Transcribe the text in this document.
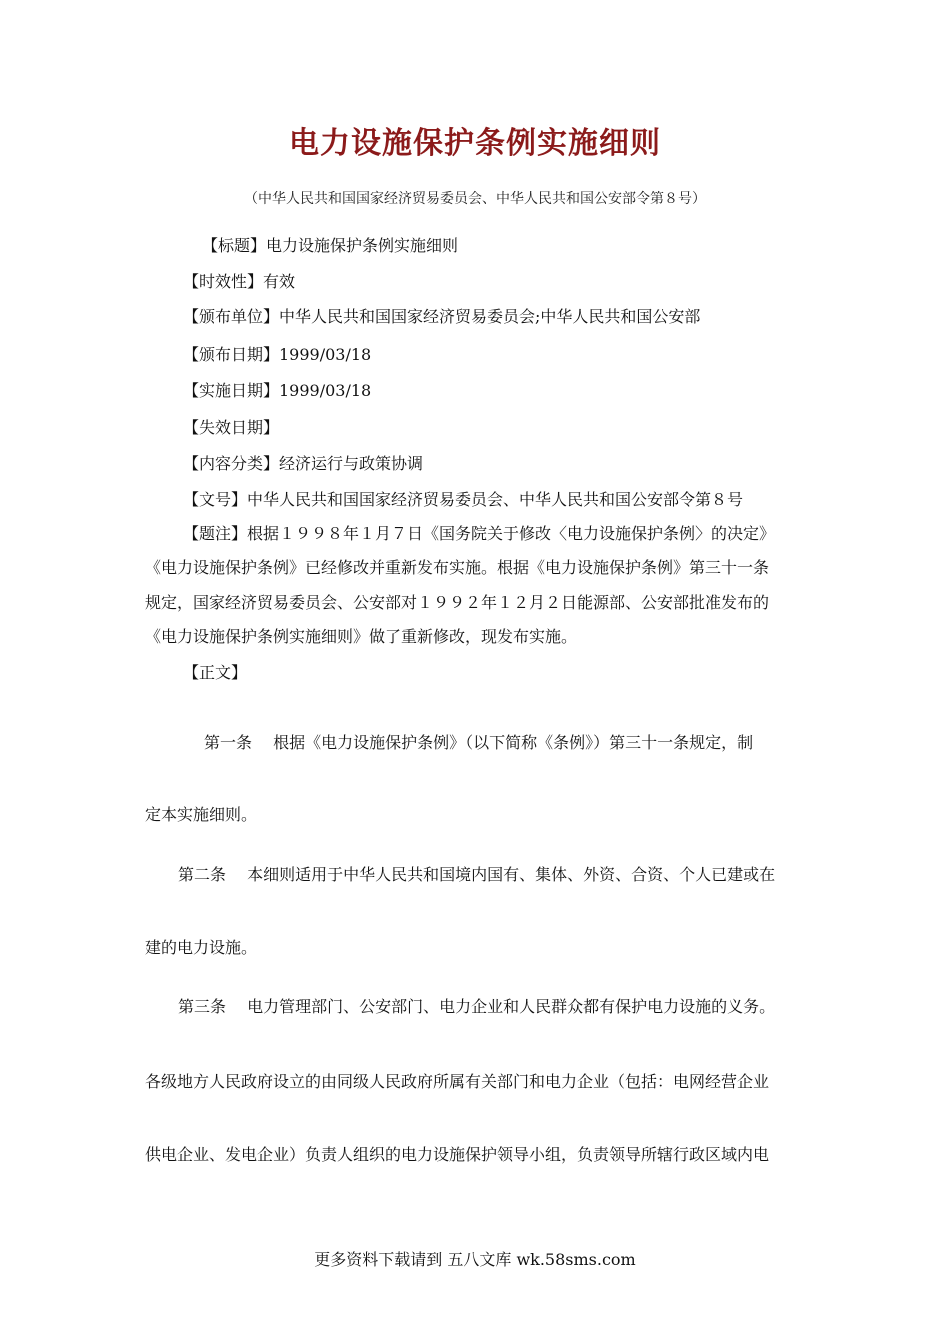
电力设施保护条例实施细则
（中华人民共和国国家经济贸易委员会、中华人民共和国公安部令第８号）
【标题】电力设施保护条例实施细则
【时效性】有效
【颁布单位】中华人民共和国国家经济贸易委员会;中华人民共和国公安部
【颁布日期】1999/03/18
【实施日期】1999/03/18
【失效日期】
【内容分类】经济运行与政策协调
【文号】中华人民共和国国家经济贸易委员会、中华人民共和国公安部令第８号
【题注】根据１９９８年１月７日《国务院关于修改〈电力设施保护条例〉的决定》
《电力设施保护条例》已经修改并重新发布实施。根据《电力设施保护条例》第三十一条
规定，国家经济贸易委员会、公安部对１９９２年１２月２日能源部、公安部批准发布的
《电力设施保护条例实施细则》做了重新修改，现发布实施。
【正文】
第一条　 根据《电力设施保护条例》（以下简称《条例》）第三十一条规定，制
定本实施细则。
第二条　 本细则适用于中华人民共和国境内国有、集体、外资、合资、个人已建或在
建的电力设施。
第三条　 电力管理部门、公安部门、电力企业和人民群众都有保护电力设施的义务。
各级地方人民政府设立的由同级人民政府所属有关部门和电力企业（包括：电网经营企业
供电企业、发电企业）负责人组织的电力设施保护领导小组，负责领导所辖行政区域内电
更多资料下载请到 五八文库 wk.58sms.com
